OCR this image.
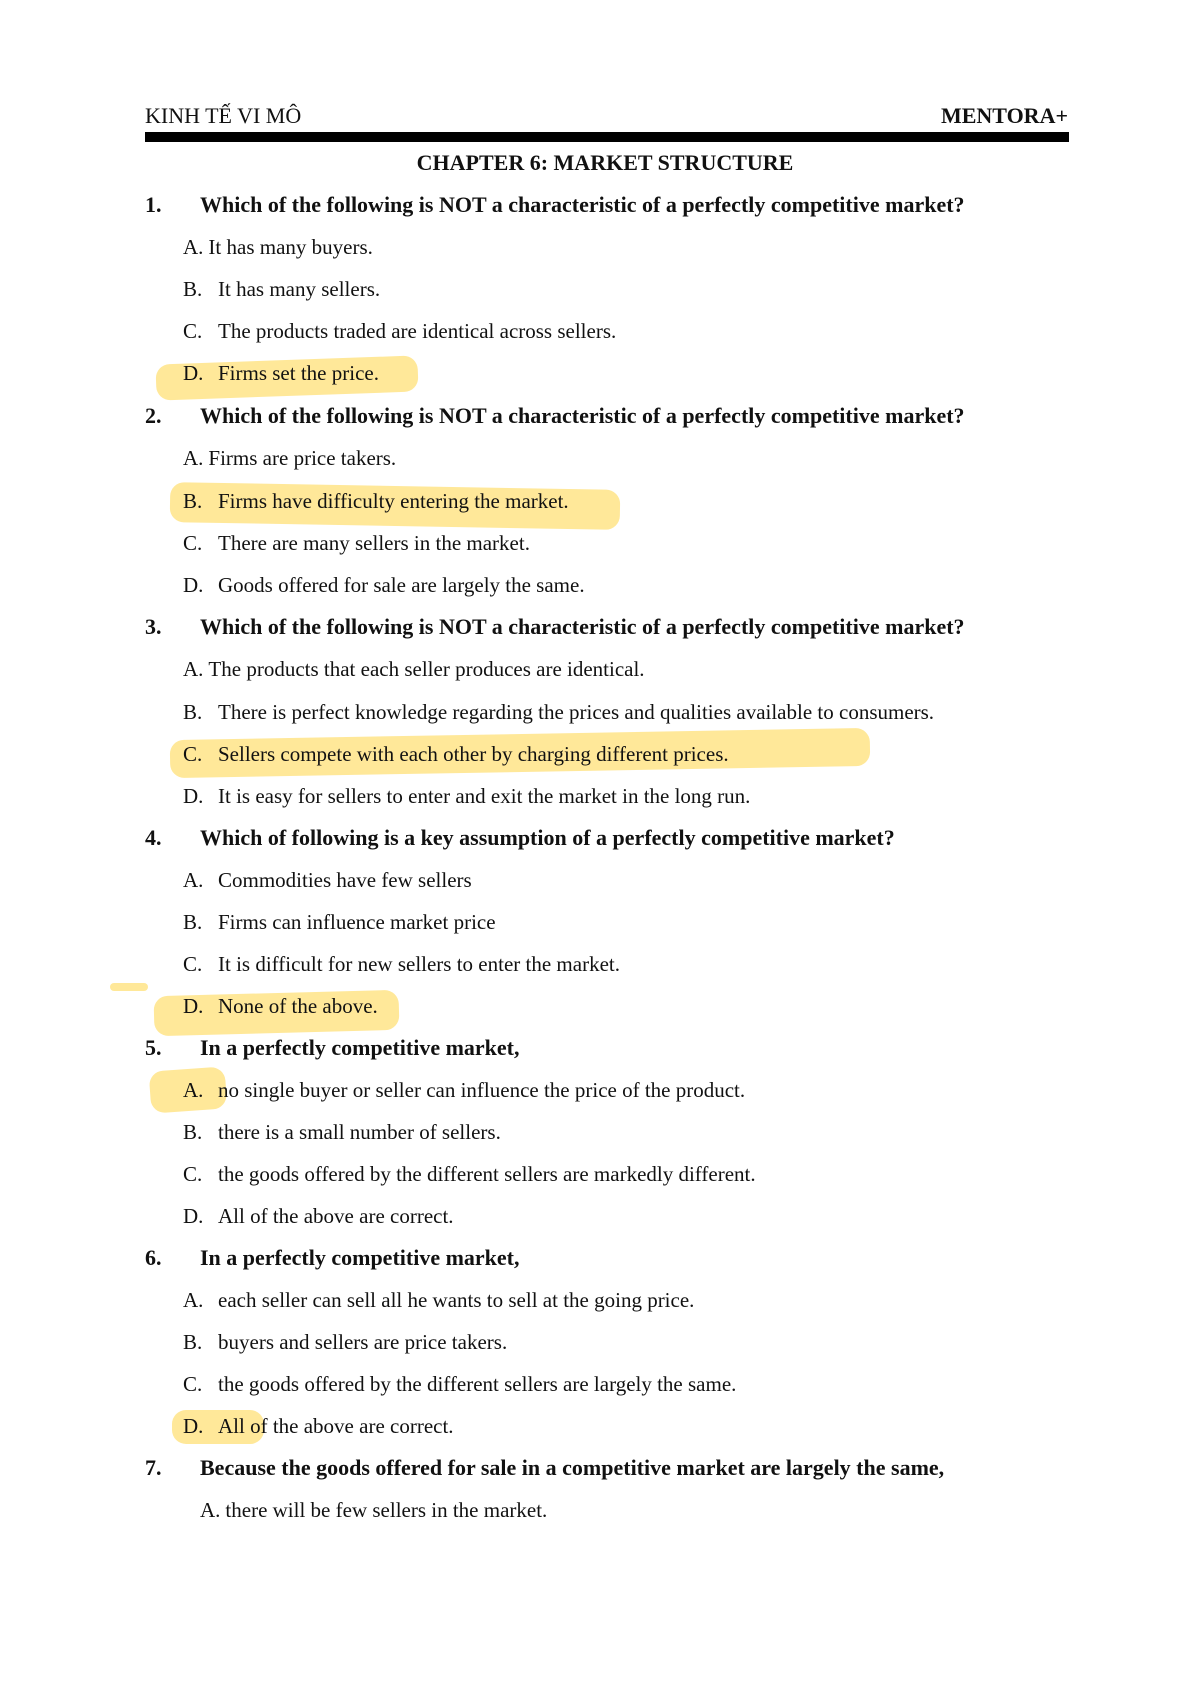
KINH TẾ VI MÔ	MENTORA+
CHAPTER 6: MARKET STRUCTURE
1. Which of the following is NOT a characteristic of a perfectly competitive market?
A. It has many buyers.
B. It has many sellers.
C. The products traded are identical across sellers.
D. Firms set the price.
2. Which of the following is NOT a characteristic of a perfectly competitive market?
A. Firms are price takers.
B. Firms have difficulty entering the market.
C. There are many sellers in the market.
D. Goods offered for sale are largely the same.
3. Which of the following is NOT a characteristic of a perfectly competitive market?
A. The products that each seller produces are identical.
B. There is perfect knowledge regarding the prices and qualities available to consumers.
C. Sellers compete with each other by charging different prices.
D. It is easy for sellers to enter and exit the market in the long run.
4. Which of following is a key assumption of a perfectly competitive market?
A. Commodities have few sellers
B. Firms can influence market price
C. It is difficult for new sellers to enter the market.
D. None of the above.
5. In a perfectly competitive market,
A. no single buyer or seller can influence the price of the product.
B. there is a small number of sellers.
C. the goods offered by the different sellers are markedly different.
D. All of the above are correct.
6. In a perfectly competitive market,
A. each seller can sell all he wants to sell at the going price.
B. buyers and sellers are price takers.
C. the goods offered by the different sellers are largely the same.
D. All of the above are correct.
7. Because the goods offered for sale in a competitive market are largely the same,
A. there will be few sellers in the market.
